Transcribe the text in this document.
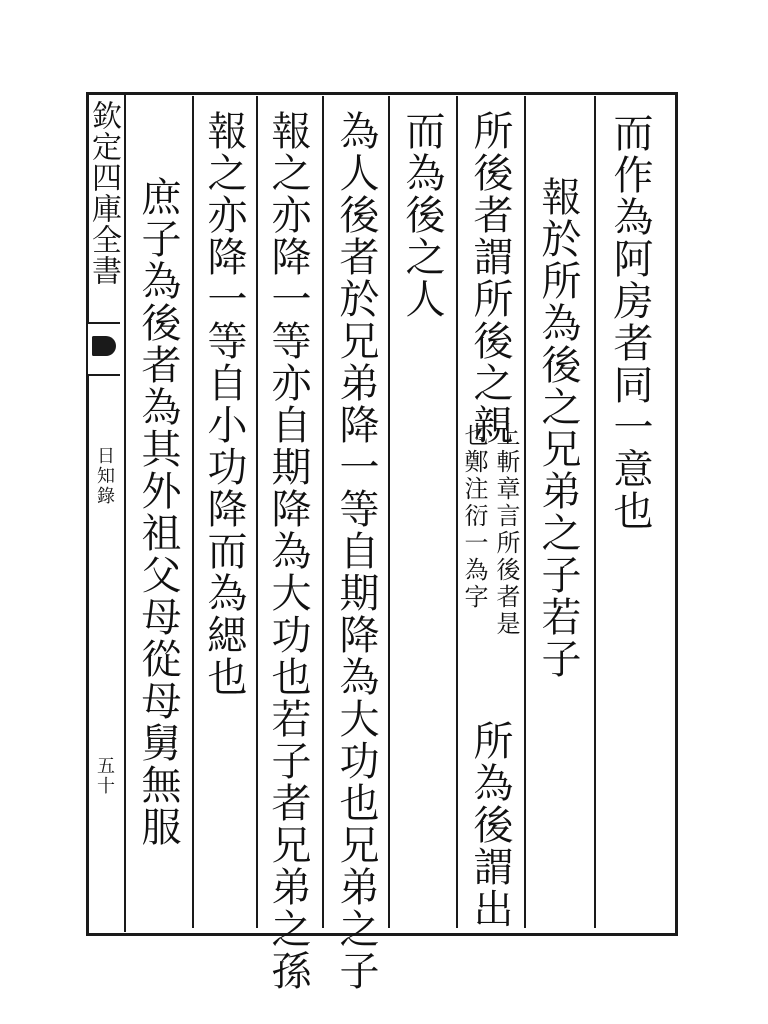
欽定四庫全書
日知錄
五十
而作為阿房者同一意也
報於所為後之兄弟之子若子
所後者謂所後之親
上斬章言所後者是
也鄭注衍一為字
所為後謂出
而為後之人
為人後者於兄弟降一等自期降為大功也兄弟之子
報之亦降一等亦自期降為大功也若子者兄弟之孫
報之亦降一等自小功降而為緦也
庶子為後者為其外祖父母從母舅無服
